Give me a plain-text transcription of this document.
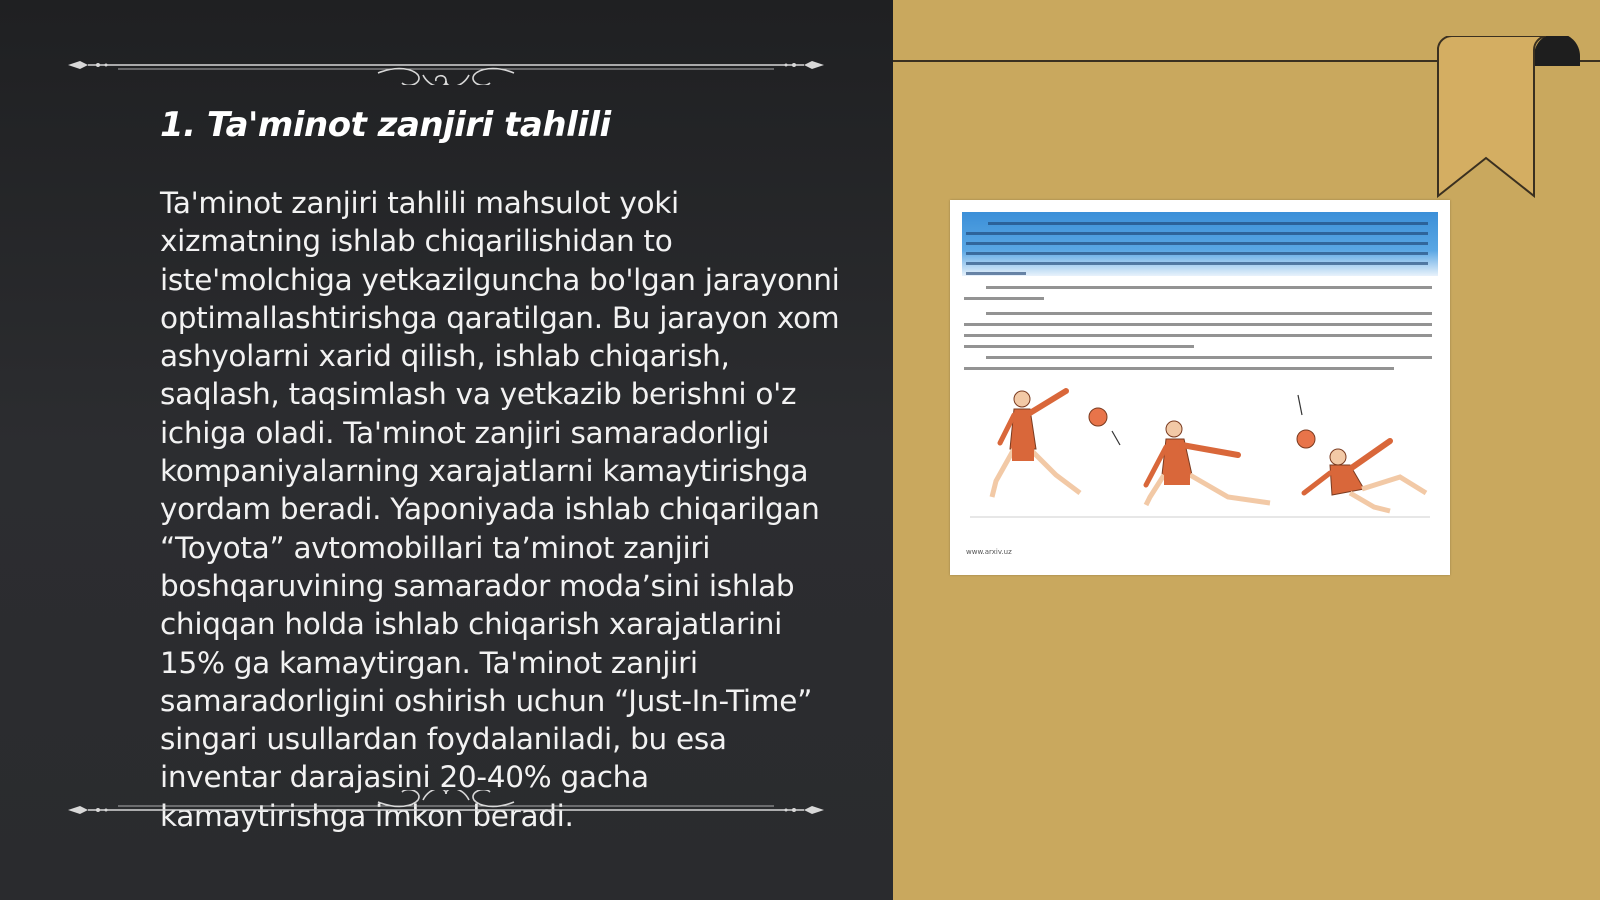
1. Ta'minot zanjiri tahlili

Ta'minot zanjiri tahlili mahsulot yoki xizmatning ishlab chiqarilishidan to iste'molchiga yetkazilguncha bo'lgan jarayonni optimallashtirishga qaratilgan. Bu jarayon xom ashyolarni xarid qilish, ishlab chiqarish, saqlash, taqsimlash va yetkazib berishni o'z ichiga oladi. Ta'minot zanjiri samaradorligi kompaniyalarning xarajatlarni kamaytirishga yordam beradi. Yaponiyada ishlab chiqarilgan “Toyota” avtomobillari ta’minot zanjiri boshqaruvining samarador moda’sini ishlab chiqqan holda ishlab chiqarish xarajatlarini 15% ga kamaytirgan. Ta'minot zanjiri samaradorligini oshirish uchun “Just-In-Time” singari usullardan foydalaniladi, bu esa inventar darajasini 20-40% gacha kamaytirishga imkon beradi.

www.arxiv.uz
